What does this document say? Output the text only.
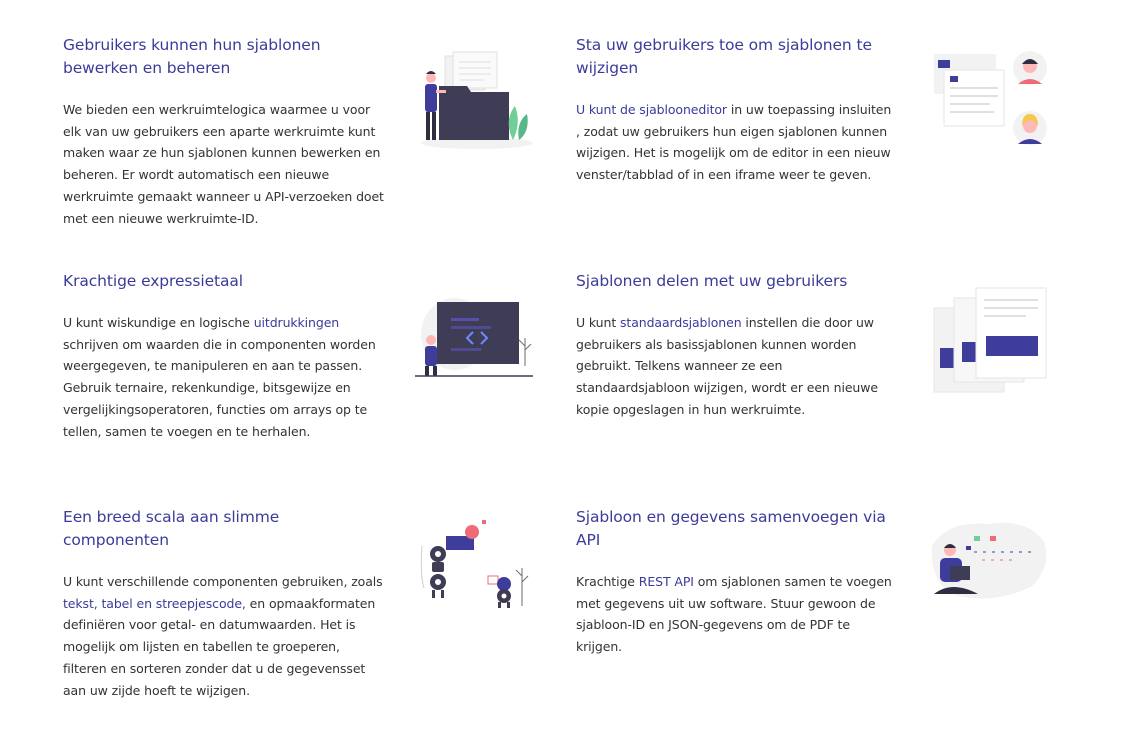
Gebruikers kunnen hun sjablonen bewerken en beheren

We bieden een werkruimtelogica waarmee u voor elk van uw gebruikers een aparte werkruimte kunt maken waar ze hun sjablonen kunnen bewerken en beheren. Er wordt automatisch een nieuwe werkruimte gemaakt wanneer u API-verzoeken doet met een nieuwe werkruimte-ID.

Sta uw gebruikers toe om sjablonen te wijzigen

U kunt de sjablooneditor in uw toepassing insluiten , zodat uw gebruikers hun eigen sjablonen kunnen wijzigen. Het is mogelijk om de editor in een nieuw venster/tabblad of in een iframe weer te geven.

Krachtige expressietaal

U kunt wiskundige en logische uitdrukkingen schrijven om waarden die in componenten worden weergegeven, te manipuleren en aan te passen. Gebruik ternaire, rekenkundige, bitsgewijze en vergelijkingsoperatoren, functies om arrays op te tellen, samen te voegen en te herhalen.

Sjablonen delen met uw gebruikers

U kunt standaardsjablonen instellen die door uw gebruikers als basissjablonen kunnen worden gebruikt. Telkens wanneer ze een standaardsjabloon wijzigen, wordt er een nieuwe kopie opgeslagen in hun werkruimte.

Een breed scala aan slimme componenten

U kunt verschillende componenten gebruiken, zoals tekst, tabel en streepjescode, en opmaakformaten definiëren voor getal- en datumwaarden. Het is mogelijk om lijsten en tabellen te groeperen, filteren en sorteren zonder dat u de gegevensset aan uw zijde hoeft te wijzigen.

Sjabloon en gegevens samenvoegen via API

Krachtige REST API om sjablonen samen te voegen met gegevens uit uw software. Stuur gewoon de sjabloon-ID en JSON-gegevens om de PDF te krijgen.
